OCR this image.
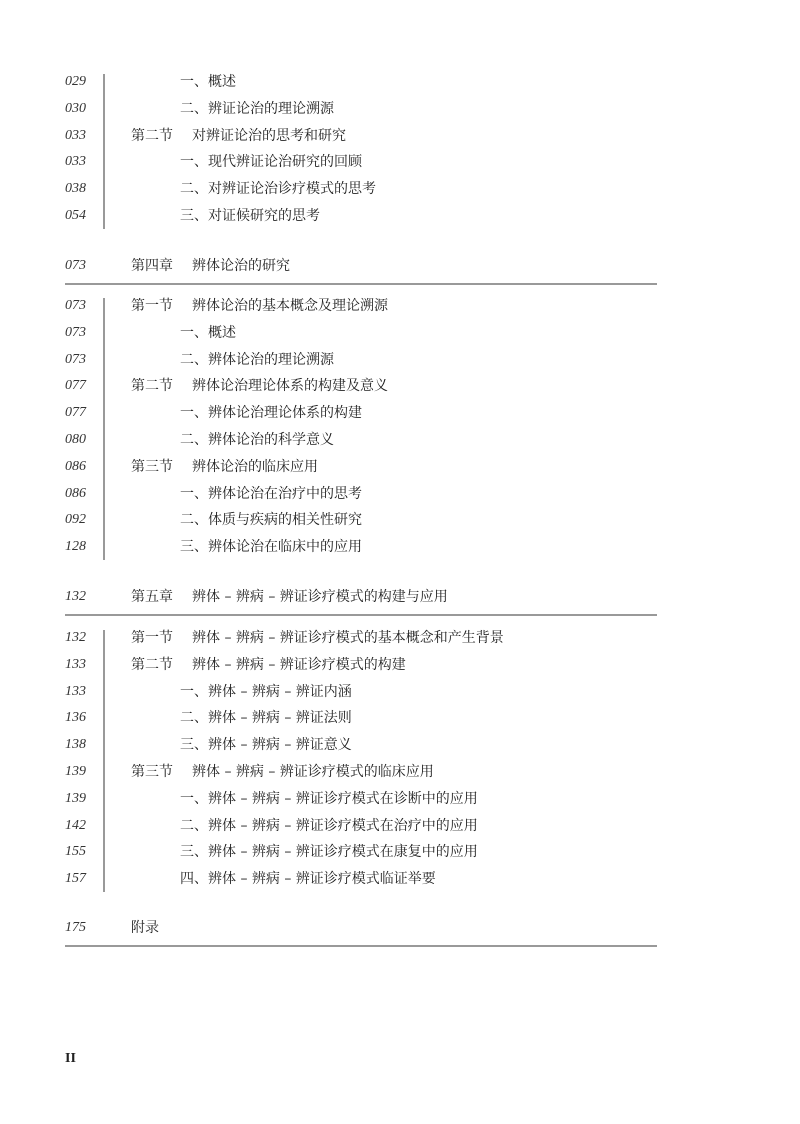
029	一、概述
030	二、辨证论治的理论溯源
033	第二节 对辨证论治的思考和研究
033	一、现代辨证论治研究的回顾
038	二、对辨证论治诊疗模式的思考
054	三、对证候研究的思考
073	第四章 辨体论治的研究
073	第一节 辨体论治的基本概念及理论溯源
073	一、概述
073	二、辨体论治的理论溯源
077	第二节 辨体论治理论体系的构建及意义
077	一、辨体论治理论体系的构建
080	二、辨体论治的科学意义
086	第三节 辨体论治的临床应用
086	一、辨体论治在治疗中的思考
092	二、体质与疾病的相关性研究
128	三、辨体论治在临床中的应用
132	第五章 辨体 – 辨病 – 辨证诊疗模式的构建与应用
132	第一节 辨体 – 辨病 – 辨证诊疗模式的基本概念和产生背景
133	第二节 辨体 – 辨病 – 辨证诊疗模式的构建
133	一、辨体 – 辨病 – 辨证内涵
136	二、辨体 – 辨病 – 辨证法则
138	三、辨体 – 辨病 – 辨证意义
139	第三节 辨体 – 辨病 – 辨证诊疗模式的临床应用
139	一、辨体 – 辨病 – 辨证诊疗模式在诊断中的应用
142	二、辨体 – 辨病 – 辨证诊疗模式在治疗中的应用
155	三、辨体 – 辨病 – 辨证诊疗模式在康复中的应用
157	四、辨体 – 辨病 – 辨证诊疗模式临证举要
175	附录
II
